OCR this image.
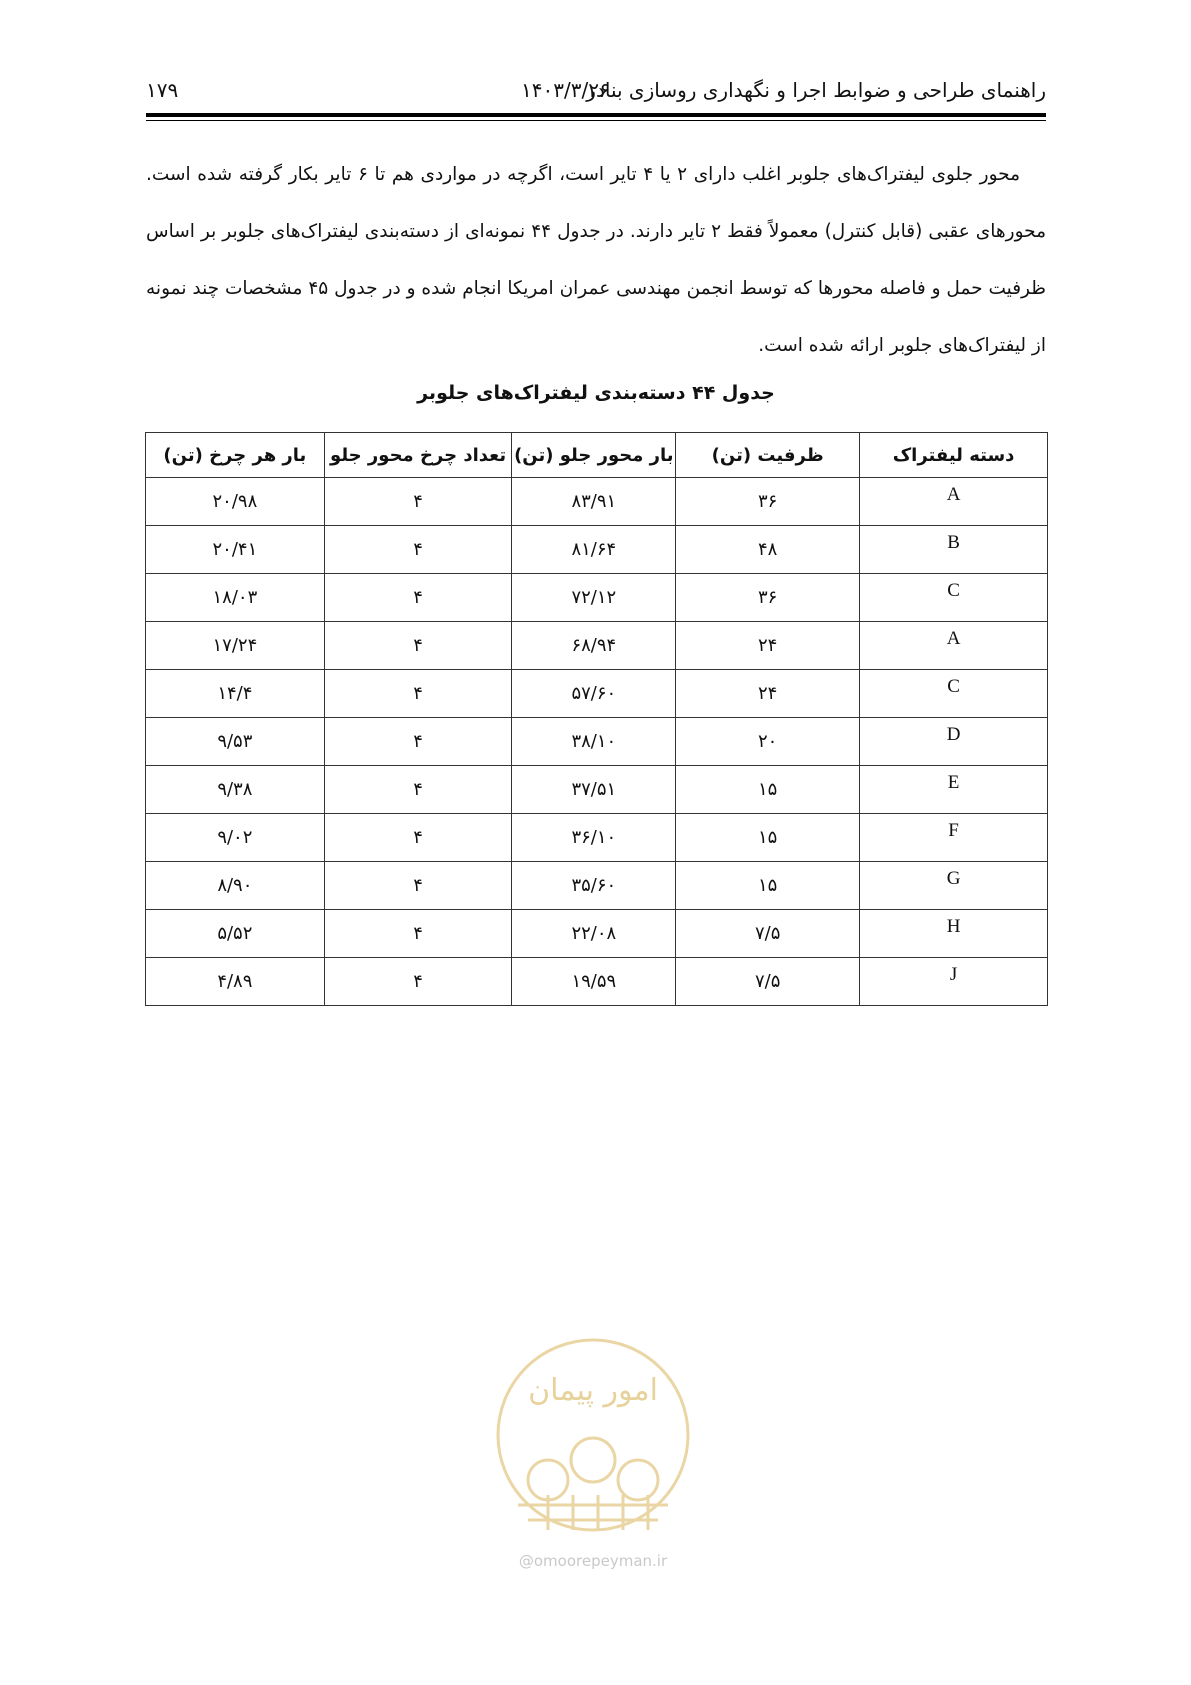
راهنمای طراحی و ضوابط اجرا و نگهداری روسازی بنادر
۱۴۰۳/۳/۲۶
۱۷۹

محور جلوی لیفتراک‌های جلوبر اغلب دارای ۲ یا ۴ تایر است، اگرچه در مواردی هم تا ۶ تایر بکار گرفته شده است. محورهای عقبی (قابل کنترل) معمولاً فقط ۲ تایر دارند. در جدول ۴۴ نمونه‌ای از دسته‌بندی لیفتراک‌های جلوبر بر اساس ظرفیت حمل و فاصله محورها که توسط انجمن مهندسی عمران امریکا انجام شده و در جدول ۴۵ مشخصات چند نمونه از لیفتراک‌های جلوبر ارائه شده است.

جدول ۴۴ دسته‌بندی لیفتراک‌های جلوبر
دسته لیفتراک	ظرفیت (تن)	بار محور جلو (تن)	تعداد چرخ محور جلو	بار هر چرخ (تن)
A	۳۶	۸۳/۹۱	۴	۲۰/۹۸
B	۴۸	۸۱/۶۴	۴	۲۰/۴۱
C	۳۶	۷۲/۱۲	۴	۱۸/۰۳
A	۲۴	۶۸/۹۴	۴	۱۷/۲۴
C	۲۴	۵۷/۶۰	۴	۱۴/۴
D	۲۰	۳۸/۱۰	۴	۹/۵۳
E	۱۵	۳۷/۵۱	۴	۹/۳۸
F	۱۵	۳۶/۱۰	۴	۹/۰۲
G	۱۵	۳۵/۶۰	۴	۸/۹۰
H	۷/۵	۲۲/۰۸	۴	۵/۵۲
J	۷/۵	۱۹/۵۹	۴	۴/۸۹
امور پیمان
@omoorepeyman.ir
